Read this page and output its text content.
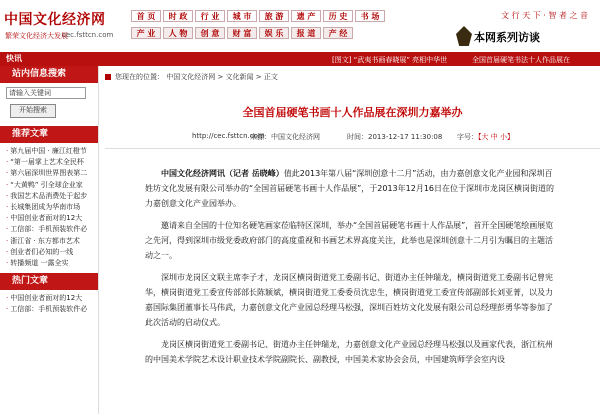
中国文化经济网
繁荣文化经济大发展
cec.fsttcn.com
首 页	时 政	行 业	城 市	旅 游	遗 产	历 史	书 场
产 业	人 物	创 意	财 富	娱 乐	报 道	产 经
文 行 天 下 · 智 者 之 音
本网系列访谈
快讯	[图文] “武夷书画春晓展” 亮相中华世	全国首届硬笔书法十人作品展在
站内信息搜索
请输入关键词
开始搜索
推荐文章
· 第九届中国 · 廉江红橙节
· “第一届掌上艺术全民杯
· 第六届深圳世界图表第二
· “大黄鸭” 引全球企业家
· 我国艺术品消费处于起步
· 长城集团成为华南市场
· 中国创业者面对的12大
· 工信部：手机预装软件必
· 浙江省 · 东方都市艺术
· 创业者们必知的一线
· 转播频道 一露全实
热门文章
· 中国创业者面对的12大
· 工信部：手机预装软件必
您现在的位置： 中国文化经济网 > 文化新闻 > 正文
全国首届硬笔书画十人作品展在深圳力嘉举办
http://cec.fsttcn.com
来源：中国文化经济网	时间：2013-12-17 11:30:08 字号：【大 中 小】

中国文化经济网讯（记者 岳晓峰）值此2013年第八届“深圳创意十二月”活动，由力嘉创意文化产业园和深圳百姓坊文化发展有限公司举办的“全国首届硬笔书画十人作品展”，于2013年12月16日在位于深圳市龙岗区横岗街道的力嘉创意文化产业园举办。

邀请来自全国的十位知名硬笔画家莅临特区深圳，举办“全国首届硬笔书画十人作品展”，首开全国硬笔绘画展览之先河，得到深圳市级党委政府部门的高度重视和书画艺术界高度关注，此举也是深圳创意十二月引为瞩目的主题活动之一。

深圳市龙岗区文联主席李子才，龙岗区横岗街道党工委副书记、街道办主任钟瑞龙，横岗街道党工委副书记曾宪华，横岗街道党工委宣传部部长陈颖斌，横岗街道党工委委员沈忠生，横岗街道党工委宣传部副部长刘亚菁，以及力嘉国际集团董事长马伟武，力嘉创意文化产业园总经理马松强，深圳百姓坊文化发展有限公司总经理彭勇华等参加了此次活动的启动仪式。

龙岗区横岗街道党工委副书记、街道办主任钟瑞龙，力嘉创意文化产业园总经理马松强以及画家代表，浙江杭州的中国美术学院艺术设计职业技术学院副院长、副教授，中国美术家协会会员，中国建筑师学会室内设
